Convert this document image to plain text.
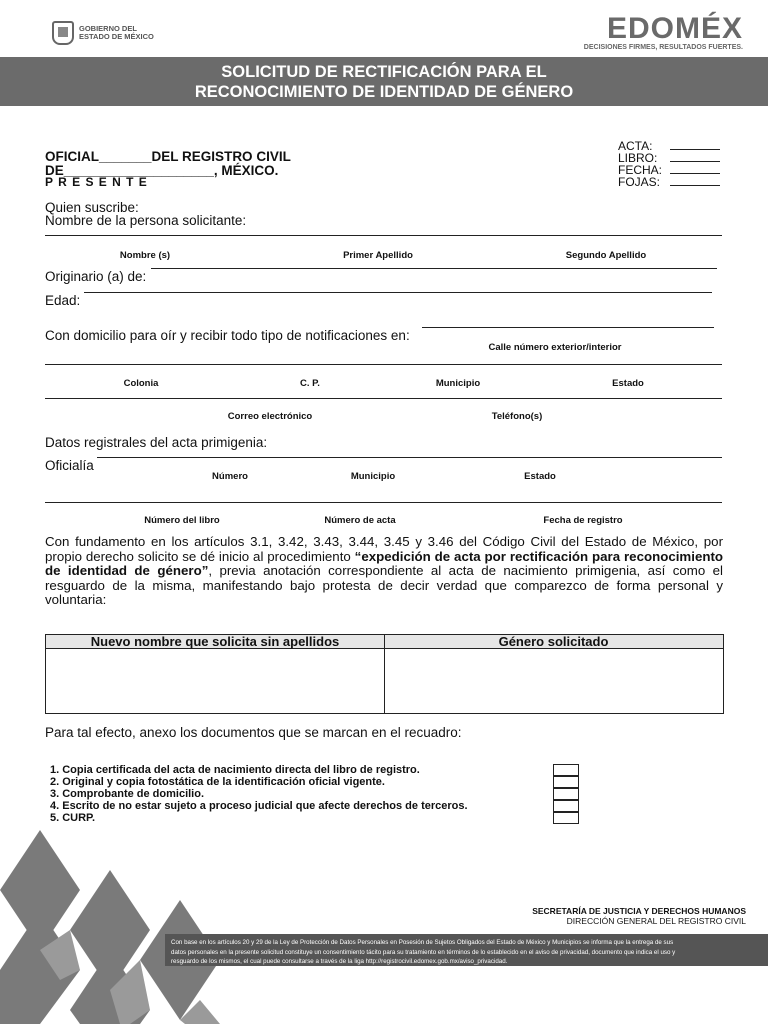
GOBIERNO DEL
ESTADO DE MÉXICO	EDOMÉX
DECISIONES FIRMES, RESULTADOS FUERTES.
SOLICITUD DE RECTIFICACIÓN PARA EL
RECONOCIMIENTO DE IDENTIDAD DE GÉNERO
ACTA:
LIBRO:
FECHA:
FOJAS:
OFICIAL_______DEL REGISTRO CIVIL
DE____________________, MÉXICO.
P R E S E N T E
Quien suscribe:
Nombre de la persona solicitante:
Nombre (s)	Primer Apellido	Segundo Apellido
Originario (a) de:
Edad:
Con domicilio para oír y recibir todo tipo de notificaciones en:
Calle número exterior/interior
Colonia	C. P.	Municipio	Estado
Correo electrónico	Teléfono(s)
Datos registrales del acta primigenia:
Oficialía
Número	Municipio	Estado
Número del libro	Número de acta	Fecha de registro
Con fundamento en los artículos 3.1, 3.42, 3.43, 3.44, 3.45 y 3.46 del Código Civil del Estado de México, por propio derecho solicito se dé inicio al procedimiento “expedición de acta por rectificación para reconocimiento de identidad de género”, previa anotación correspondiente al acta de nacimiento primigenia, así como el resguardo de la misma, manifestando bajo protesta de decir verdad que comparezco de forma personal y voluntaria:
Nuevo nombre que solicita sin apellidos	Género solicitado
Para tal efecto, anexo los documentos que se marcan en el recuadro:
1. Copia certificada del acta de nacimiento directa del libro de registro.
2. Original y copia fotostática de la identificación oficial vigente.
3. Comprobante de domicilio.
4. Escrito de no estar sujeto a proceso judicial que afecte derechos de terceros.
5. CURP.
SECRETARÍA DE JUSTICIA Y DERECHOS HUMANOS
DIRECCIÓN GENERAL DEL REGISTRO CIVIL
Con base en los artículos 20 y 29 de la Ley de Protección de Datos Personales en Posesión de Sujetos Obligados del Estado de México y Municipios se informa que la entrega de sus
datos personales en la presente solicitud constituye un consentimiento tácito para su tratamiento en términos de lo establecido en el aviso de privacidad, documento que indica el uso y
resguardo de los mismos, el cual puede consultarse a través de la liga http://registrocivil.edomex.gob.mx/aviso_privacidad.
